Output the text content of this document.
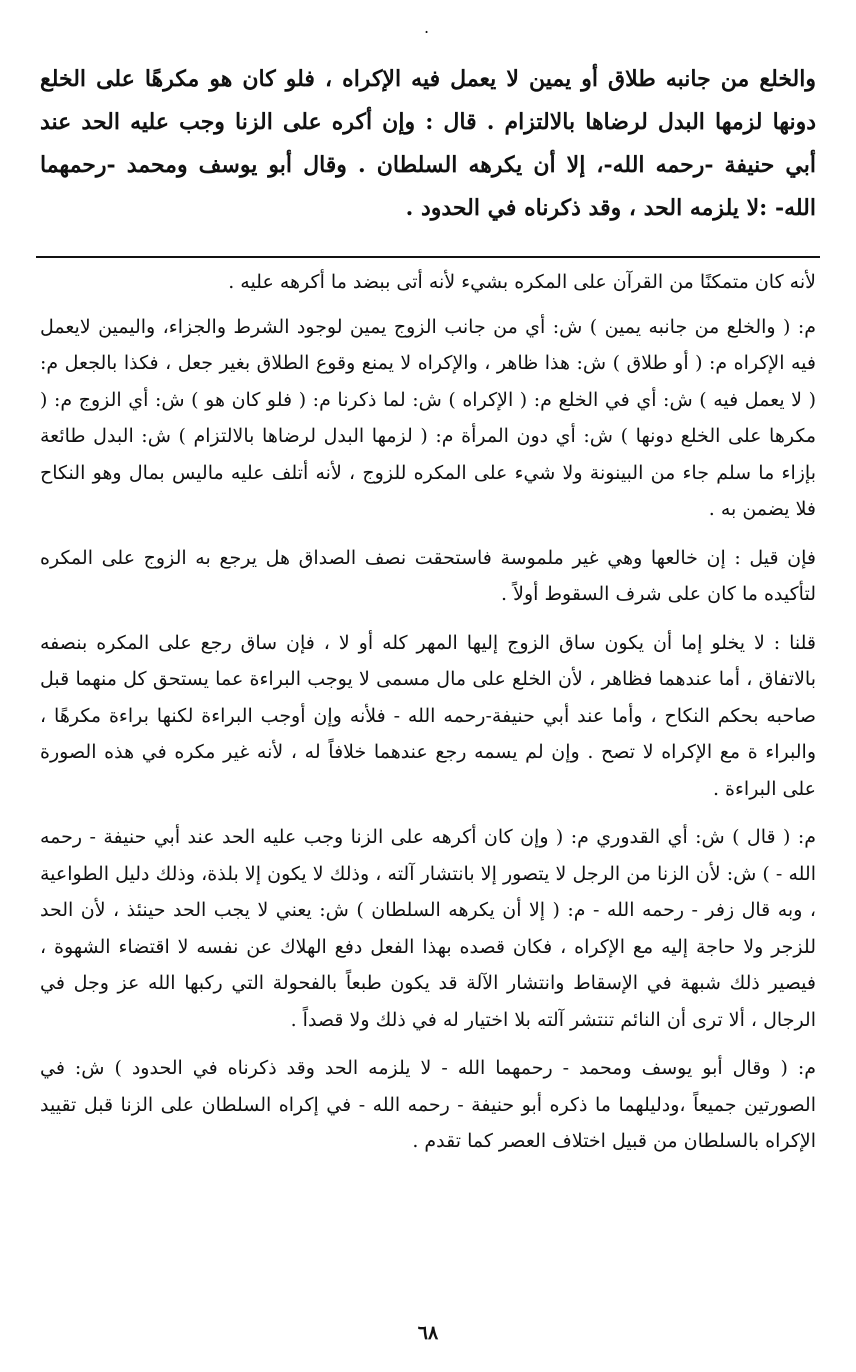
.

والخلع من جانبه طلاق أو يمين لا يعمل فيه الإكراه ، فلو كان هو مكرهًا على الخلع دونها لزمها البدل لرضاها بالالتزام . قال : وإن أكره على الزنا وجب عليه الحد عند أبي حنيفة -رحمه الله-، إلا أن يكرهه السلطان . وقال أبو يوسف ومحمد -رحمهما الله- :لا يلزمه الحد ، وقد ذكرناه في الحدود .

لأنه كان متمكنًا من القرآن على المكره بشيء لأنه أتى ببضد ما أكرهه عليه .

م: ( والخلع من جانبه يمين ) ش: أي من جانب الزوج يمين لوجود الشرط والجزاء، واليمين لايعمل فيه الإكراه م: ( أو طلاق ) ش: هذا ظاهر ، والإكراه لا يمنع وقوع الطلاق بغير جعل ، فكذا بالجعل م: ( لا يعمل فيه ) ش: أي في الخلع م: ( الإكراه ) ش: لما ذكرنا م: ( فلو كان هو ) ش: أي الزوج م: ( مكرها على الخلع دونها ) ش: أي دون المرأة م: ( لزمها البدل لرضاها بالالتزام ) ش: البدل طائعة بإزاء ما سلم جاء من البينونة ولا شيء على المكره للزوج ، لأنه أتلف عليه ماليس بمال وهو النكاح فلا يضمن به .

فإن قيل : إن خالعها وهي غير ملموسة فاستحقت نصف الصداق هل يرجع به الزوج على المكره لتأكيده ما كان على شرف السقوط أولاً .

قلنا : لا يخلو إما أن يكون ساق الزوج إليها المهر كله أو لا ، فإن ساق رجع على المكره بنصفه بالاتفاق ، أما عندهما فظاهر ، لأن الخلع على مال مسمى لا يوجب البراءة عما يستحق كل منهما قبل صاحبه بحكم النكاح ، وأما عند أبي حنيفة-رحمه الله - فلأنه وإن أوجب البراءة لكنها براءة مكرهًا ، والبراء ة مع الإكراه لا تصح . وإن لم يسمه رجع عندهما خلافاً له ، لأنه غير مكره في هذه الصورة على البراءة .

م: ( قال ) ش: أي القدوري م: ( وإن كان أكرهه على الزنا وجب عليه الحد عند أبي حنيفة - رحمه الله - ) ش: لأن الزنا من الرجل لا يتصور إلا بانتشار آلته ، وذلك لا يكون إلا بلذة، وذلك دليل الطواعية ، وبه قال زفر - رحمه الله - م: ( إلا أن يكرهه السلطان ) ش: يعني لا يجب الحد حينئذ ، لأن الحد للزجر ولا حاجة إليه مع الإكراه ، فكان قصده بهذا الفعل دفع الهلاك عن نفسه لا اقتضاء الشهوة ، فيصير ذلك شبهة في الإسقاط وانتشار الآلة قد يكون طبعاً بالفحولة التي ركبها الله عز وجل في الرجال ، ألا ترى أن النائم تنتشر آلته بلا اختيار له في ذلك ولا قصداً .

م: ( وقال أبو يوسف ومحمد - رحمهما الله - لا يلزمه الحد وقد ذكرناه في الحدود ) ش: في الصورتين جميعاً ،ودليلهما ما ذكره أبو حنيفة - رحمه الله - في إكراه السلطان على الزنا قبل تقييد الإكراه بالسلطان من قبيل اختلاف العصر كما تقدم .

٦٨
